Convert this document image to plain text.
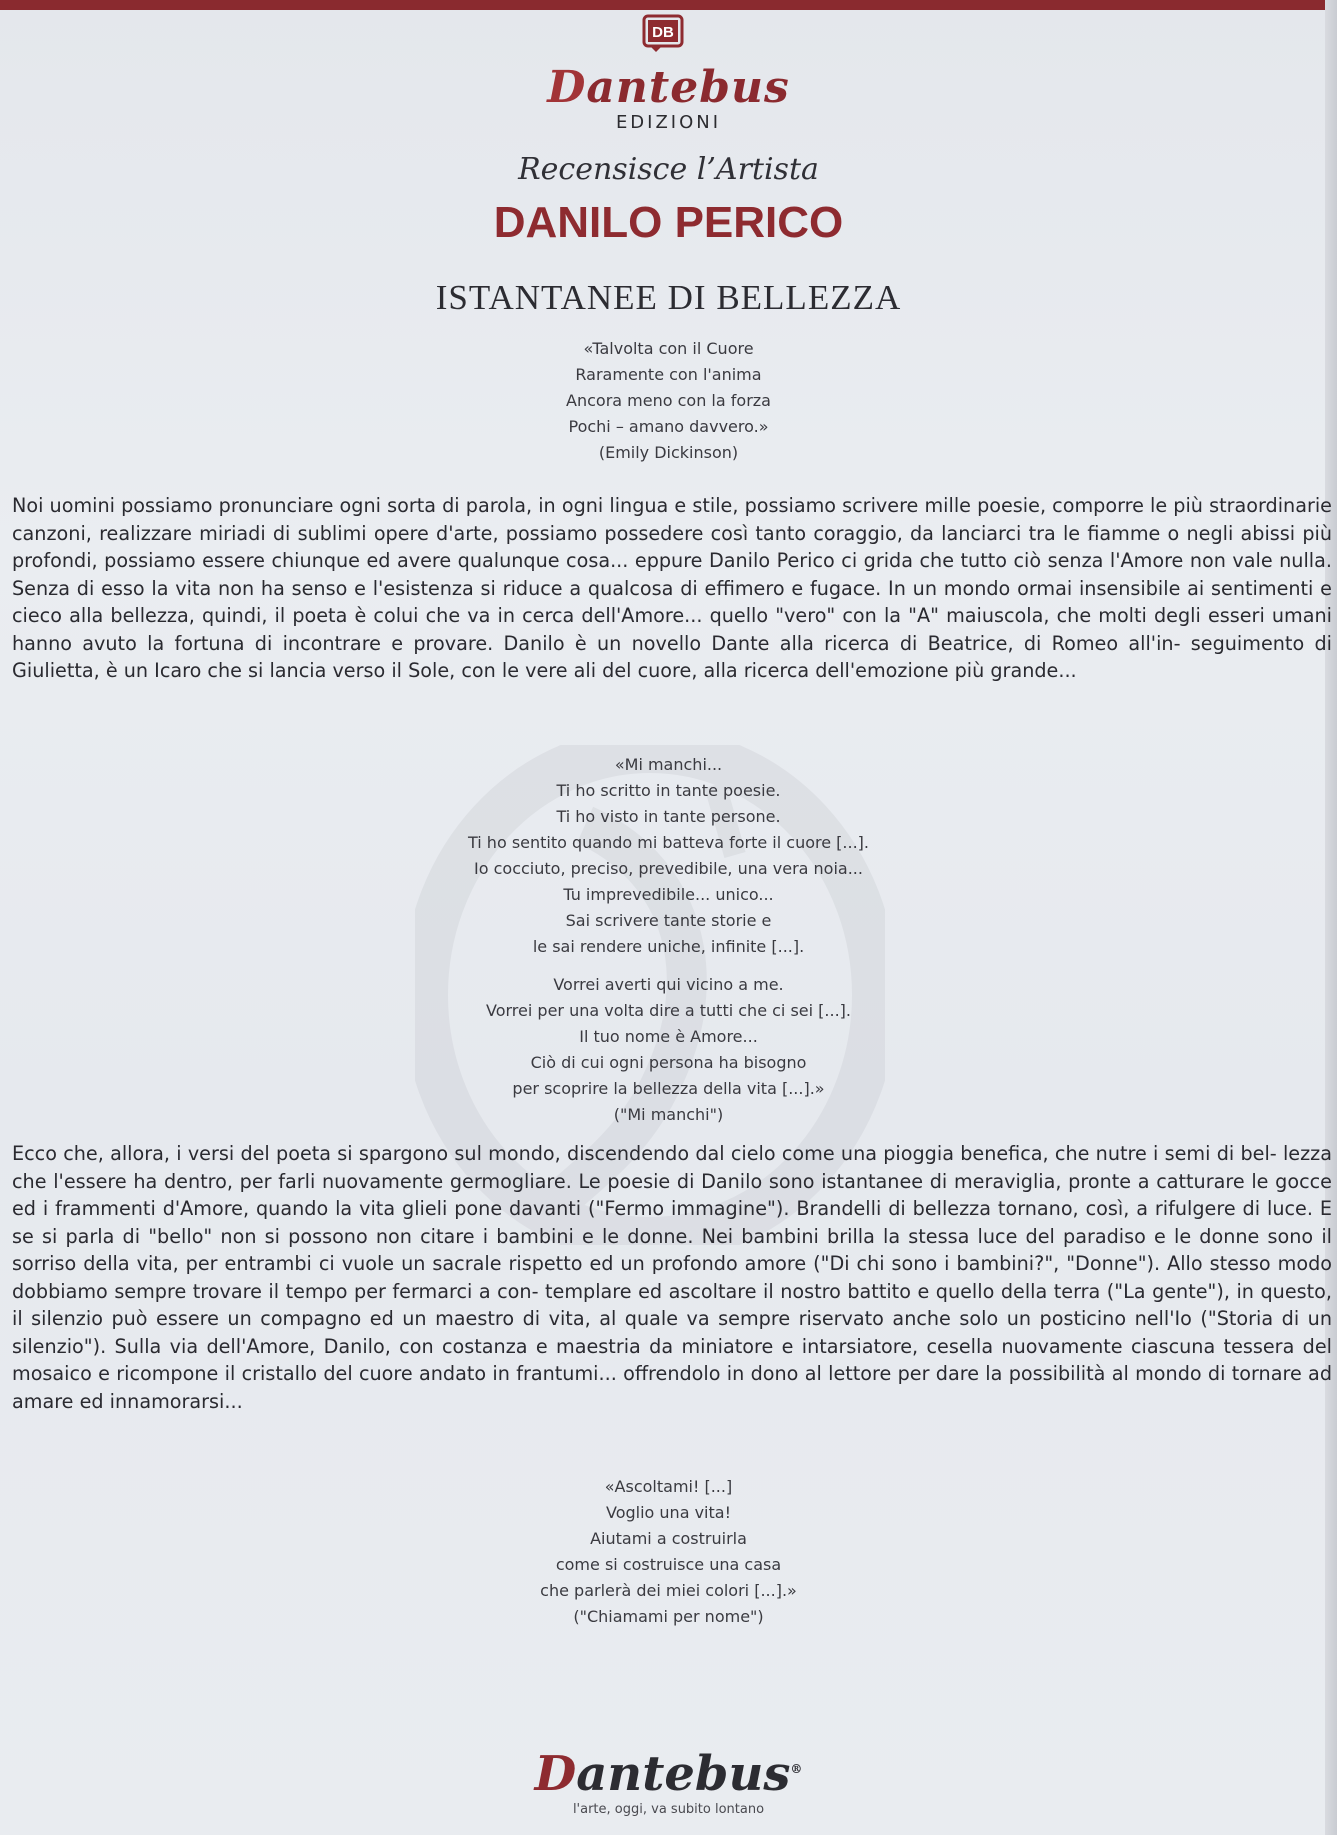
DB
Dantebus
EDIZIONI
Recensisce l’Artista
DANILO PERICO
ISTANTANEE DI BELLEZZA
«Talvolta con il Cuore
Raramente con l'anima
Ancora meno con la forza
Pochi – amano davvero.»
(Emily Dickinson)

Noi uomini possiamo pronunciare ogni sorta di parola, in ogni lingua e stile, possiamo scrivere mille poesie, comporre le più straordinarie canzoni, realizzare miriadi di sublimi opere d'arte, possiamo possedere così tanto coraggio, da lanciarci tra le fiamme o negli abissi più profondi, possiamo essere chiunque ed avere qualunque cosa... eppure Danilo Perico ci grida che tutto ciò senza l'Amore non vale nulla. Senza di esso la vita non ha senso e l'esistenza si riduce a qualcosa di effimero e fugace. In un mondo ormai insensibile ai sentimenti e cieco alla bellezza, quindi, il poeta è colui che va in cerca dell'Amore... quello "vero" con la "A" maiuscola, che molti degli esseri umani hanno avuto la fortuna di incontrare e provare. Danilo è un novello Dante alla ricerca di Beatrice, di Romeo all'in- seguimento di Giulietta, è un Icaro che si lancia verso il Sole, con le vere ali del cuore, alla ricerca dell'emozione più grande...

«Mi manchi...
Ti ho scritto in tante poesie.
Ti ho visto in tante persone.
Ti ho sentito quando mi batteva forte il cuore [...].
Io cocciuto, preciso, prevedibile, una vera noia...
Tu imprevedibile... unico...
Sai scrivere tante storie e
le sai rendere uniche, infinite [...].
Vorrei averti qui vicino a me.
Vorrei per una volta dire a tutti che ci sei [...].
Il tuo nome è Amore...
Ciò di cui ogni persona ha bisogno
per scoprire la bellezza della vita [...].»
("Mi manchi")

Ecco che, allora, i versi del poeta si spargono sul mondo, discendendo dal cielo come una pioggia benefica, che nutre i semi di bel- lezza che l'essere ha dentro, per farli nuovamente germogliare. Le poesie di Danilo sono istantanee di meraviglia, pronte a catturare le gocce ed i frammenti d'Amore, quando la vita glieli pone davanti ("Fermo immagine"). Brandelli di bellezza tornano, così, a rifulgere di luce. E se si parla di "bello" non si possono non citare i bambini e le donne. Nei bambini brilla la stessa luce del paradiso e le donne sono il sorriso della vita, per entrambi ci vuole un sacrale rispetto ed un profondo amore ("Di chi sono i bambini?", "Donne"). Allo stesso modo dobbiamo sempre trovare il tempo per fermarci a con- templare ed ascoltare il nostro battito e quello della terra ("La gente"), in questo, il silenzio può essere un compagno ed un maestro di vita, al quale va sempre riservato anche solo un posticino nell'Io ("Storia di un silenzio"). Sulla via dell'Amore, Danilo, con costanza e maestria da miniatore e intarsiatore, cesella nuovamente ciascuna tessera del mosaico e ricompone il cristallo del cuore andato in frantumi... offrendolo in dono al lettore per dare la possibilità al mondo di tornare ad amare ed innamorarsi...

«Ascoltami! [...]
Voglio una vita!
Aiutami a costruirla
come si costruisce una casa
che parlerà dei miei colori [...].»
("Chiamami per nome")
Dantebus®
l'arte, oggi, va subito lontano
